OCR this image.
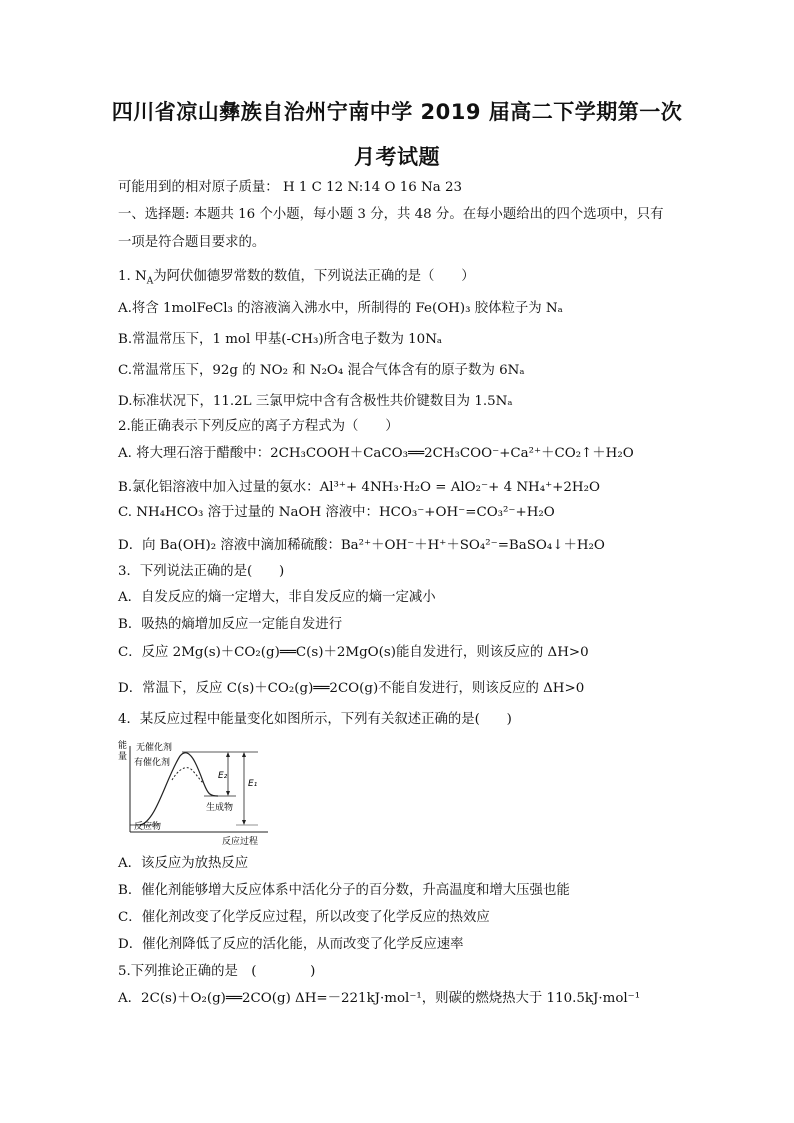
四川省凉山彝族自治州宁南中学 2019 届高二下学期第一次
月考试题
可能用到的相对原子质量： H 1 C 12 N:14 O 16 Na 23
一、选择题: 本题共 16 个小题，每小题 3 分，共 48 分。在每小题给出的四个选项中，只有
一项是符合题目要求的。
1. $N_A$为阿伏伽德罗常数的数值，下列说法正确的是（　　）
A.将含 1molFeCl₃ 的溶液滴入沸水中，所制得的 Fe(OH)₃ 胶体粒子为 Nₐ
B.常温常压下，1 mol 甲基(-CH₃)所含电子数为 10Nₐ
C.常温常压下，92g 的 NO₂ 和 N₂O₄ 混合气体含有的原子数为 6Nₐ
D.标准状况下，11.2L 三氯甲烷中含有含极性共价键数目为 1.5Nₐ
2.能正确表示下列反应的离子方程式为（　　）
A. 将大理石溶于醋酸中：2CH₃COOH＋CaCO₃══2CH₃COO⁻+Ca²⁺＋CO₂↑＋H₂O
B.氯化铝溶液中加入过量的氨水：Al³⁺+ 4NH₃·H₂O = AlO₂⁻+ 4 NH₄⁺+2H₂O
C. NH₄HCO₃ 溶于过量的 NaOH 溶液中：HCO₃⁻+OH⁻=CO₃²⁻+H₂O
D．向 Ba(OH)₂ 溶液中滴加稀硫酸：Ba²⁺＋OH⁻＋H⁺＋SO₄²⁻=BaSO₄↓＋H₂O
3．下列说法正确的是(　　)
A．自发反应的熵一定增大，非自发反应的熵一定减小
B．吸热的熵增加反应一定能自发进行
C．反应 2Mg(s)＋CO₂(g)══C(s)＋2MgO(s)能自发进行，则该反应的 ΔH>0
D．常温下，反应 C(s)＋CO₂(g)══2CO(g)不能自发进行，则该反应的 ΔH>0
4．某反应过程中能量变化如图所示，下列有关叙述正确的是(　　)
能
量
无催化剂
有催化剂
E₂
E₁
生成物
反应物
反应过程
A．该反应为放热反应
B．催化剂能够增大反应体系中活化分子的百分数，升高温度和增大压强也能
C．催化剂改变了化学反应过程，所以改变了化学反应的热效应
D．催化剂降低了反应的活化能，从而改变了化学反应速率
5.下列推论正确的是　(　　　　)
A．2C(s)＋O₂(g)══2CO(g) ΔH=－221kJ·mol⁻¹，则碳的燃烧热大于 110.5kJ·mol⁻¹
